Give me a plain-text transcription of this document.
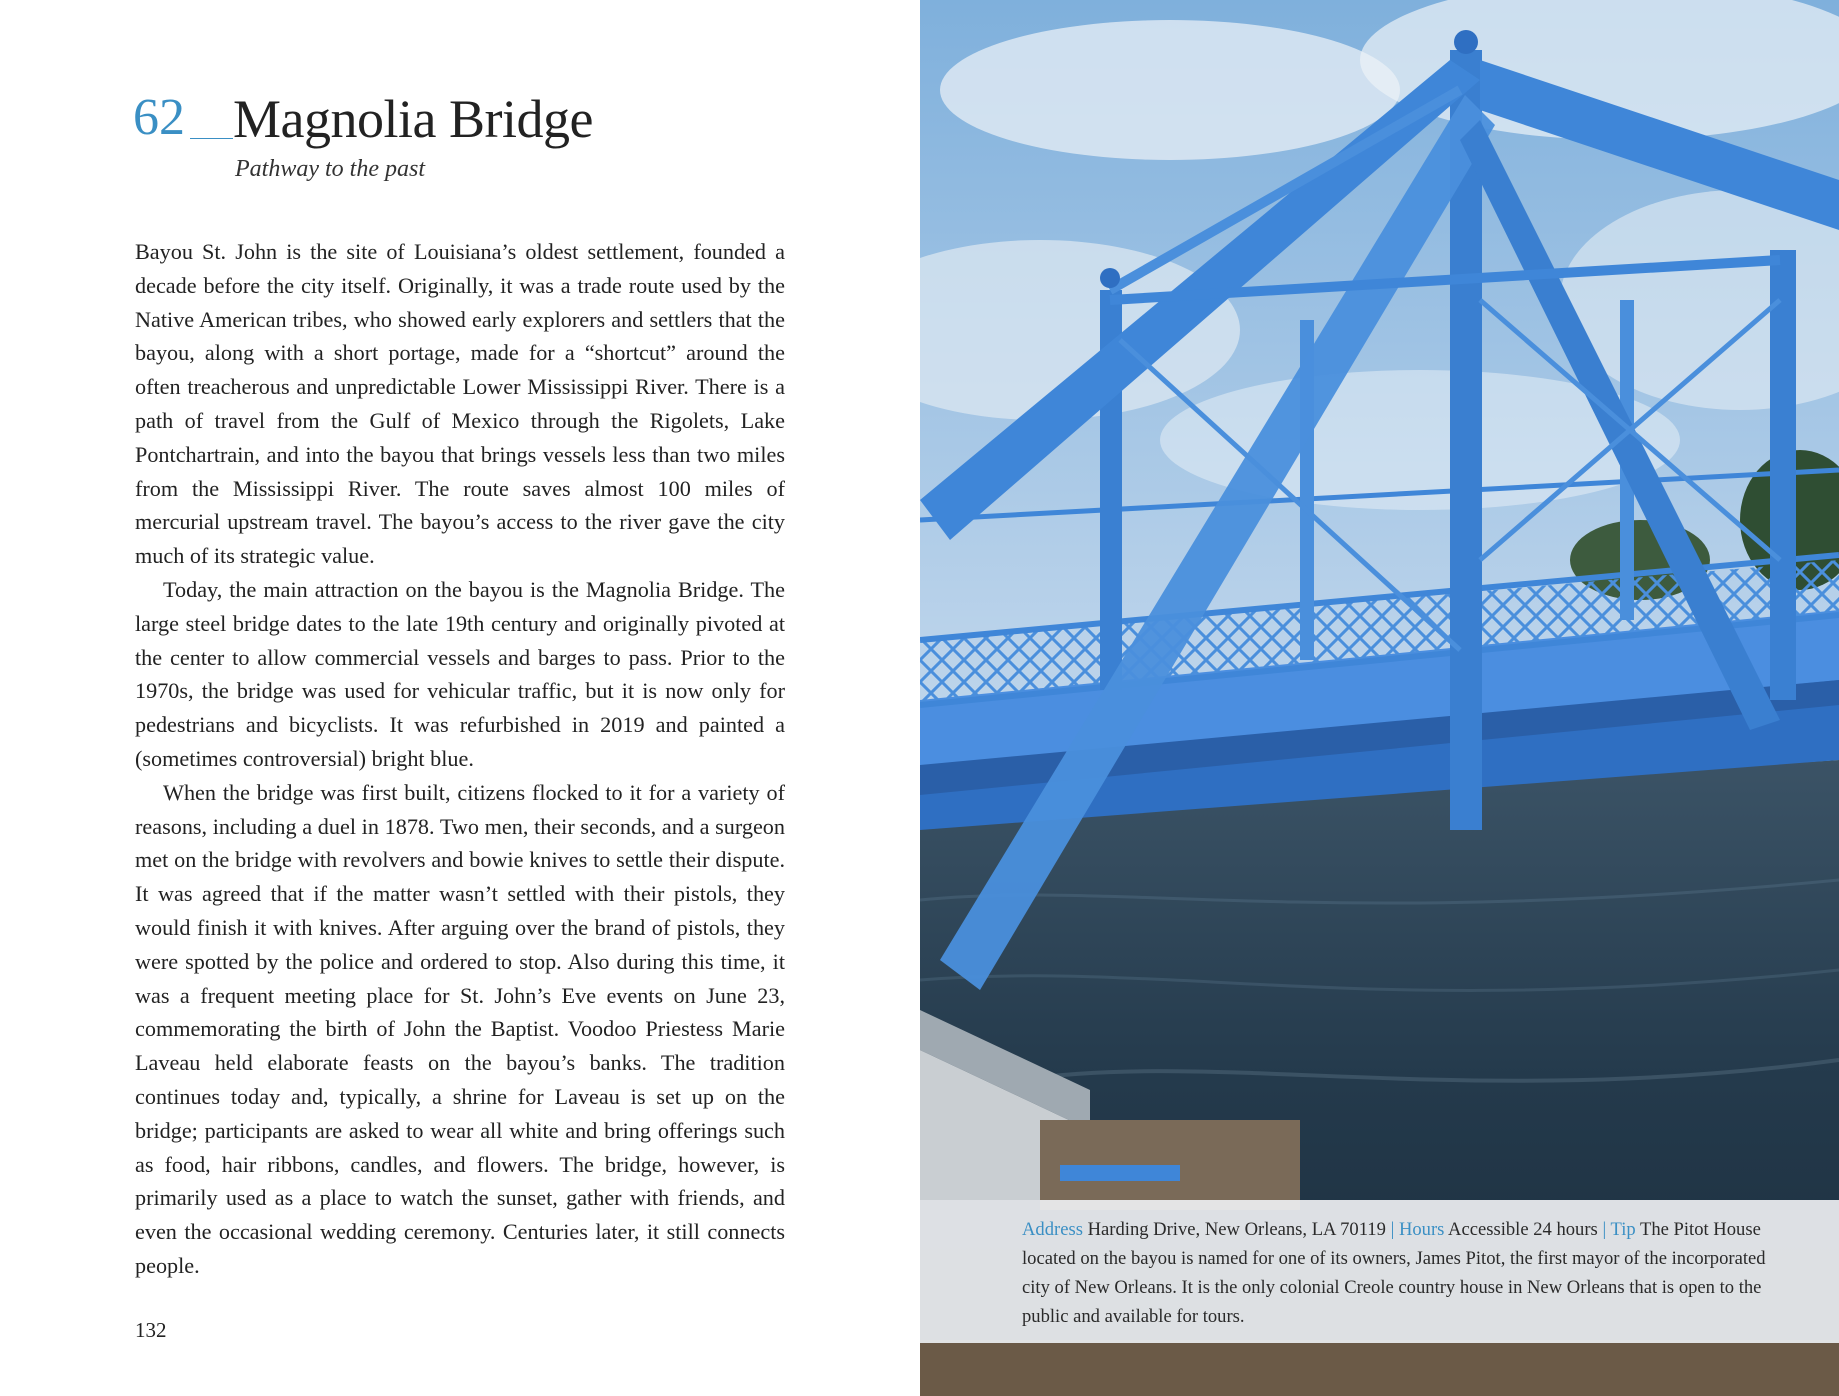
62 Magnolia Bridge
Pathway to the past

Bayou St. John is the site of Louisiana’s oldest settlement, founded a decade before the city itself. Originally, it was a trade route used by the Native American tribes, who showed early explorers and settlers that the bayou, along with a short portage, made for a “shortcut” around the often treacherous and unpredictable Lower Mississippi River. There is a path of travel from the Gulf of Mexico through the Rigolets, Lake Pontchartrain, and into the bayou that brings vessels less than two miles from the Mississippi River. The route saves almost 100 miles of mercurial upstream travel. The bayou’s access to the river gave the city much of its strategic value.

Today, the main attraction on the bayou is the Magnolia Bridge. The large steel bridge dates to the late 19th century and originally pivoted at the center to allow commercial vessels and barges to pass. Prior to the 1970s, the bridge was used for vehicular traffic, but it is now only for pedestrians and bicyclists. It was refurbished in 2019 and painted a (sometimes controversial) bright blue.

When the bridge was first built, citizens flocked to it for a variety of reasons, including a duel in 1878. Two men, their seconds, and a surgeon met on the bridge with revolvers and bowie knives to settle their dispute. It was agreed that if the matter wasn’t settled with their pistols, they would finish it with knives. After arguing over the brand of pistols, they were spotted by the police and ordered to stop. Also during this time, it was a frequent meeting place for St. John’s Eve events on June 23, commemorating the birth of John the Baptist. Voodoo Priestess Marie Laveau held elaborate feasts on the bayou’s banks. The tradition continues today and, typically, a shrine for Laveau is set up on the bridge; participants are asked to wear all white and bring offerings such as food, hair ribbons, candles, and flowers. The bridge, however, is primarily used as a place to watch the sunset, gather with friends, and even the occasional wedding ceremony. Centuries later, it still connects people.

132
Address Harding Drive, New Orleans, LA 70119 | Hours Accessible 24 hours | Tip The Pitot House located on the bayou is named for one of its owners, James Pitot, the first mayor of the incorporated city of New Orleans. It is the only colonial Creole country house in New Orleans that is open to the public and available for tours.
